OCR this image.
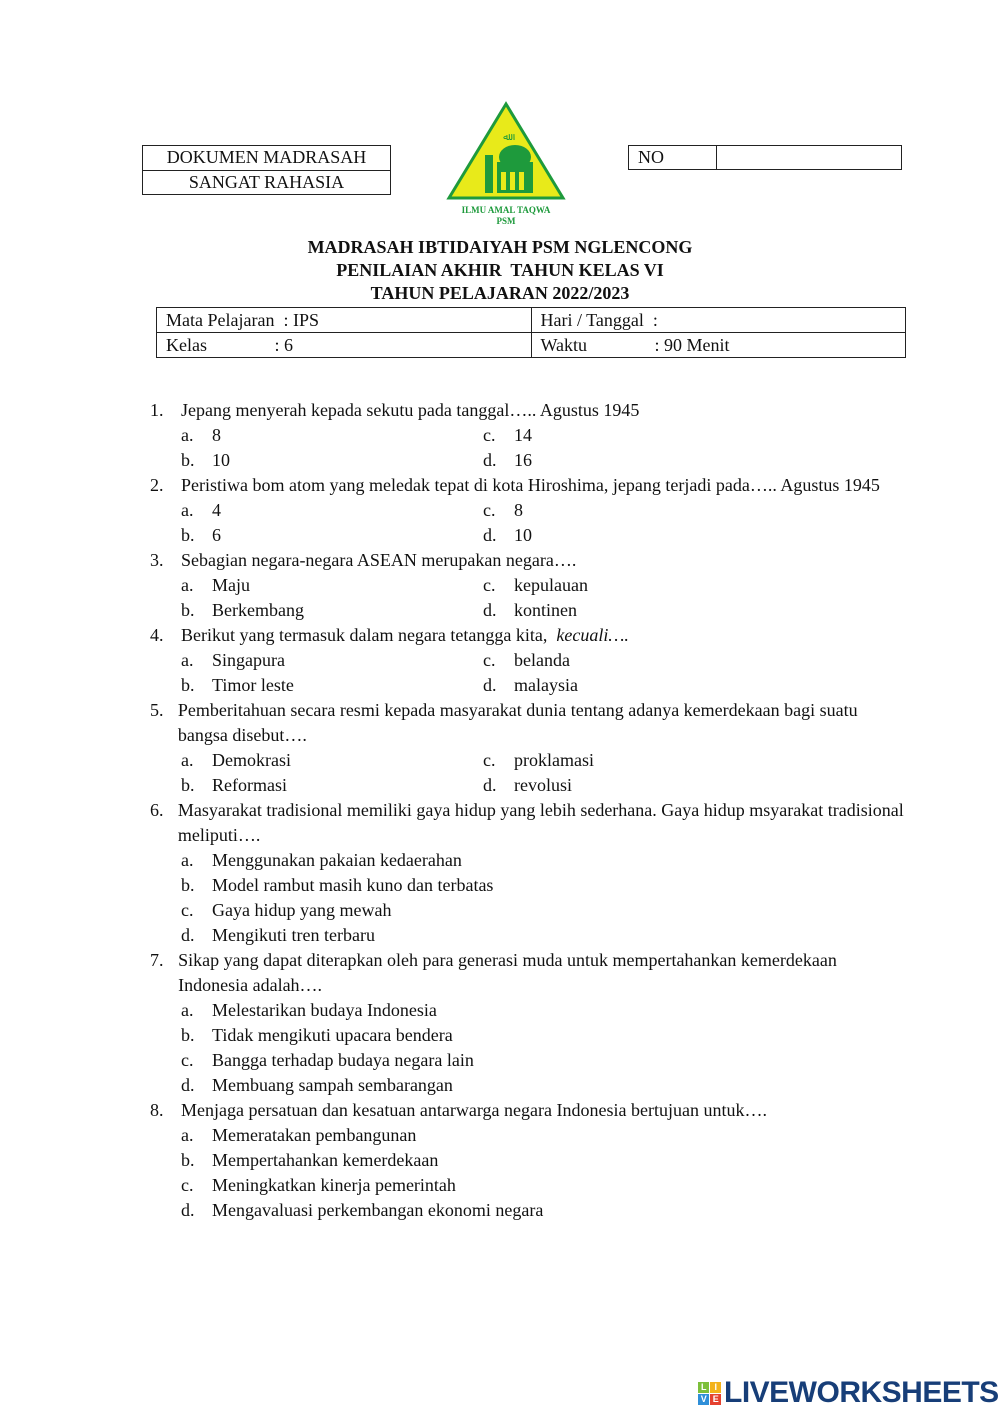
DOKUMEN MADRASAH
SANGAT RAHASIA
ﷲ
ILMU AMAL TAQWA
PSM
NO
MADRASAH IBTIDAIYAH PSM NGLENCONG
PENILAIAN AKHIR  TAHUN KELAS VI
TAHUN PELAJARAN 2022/2023
Mata Pelajaran  : IPS	Hari / Tanggal  :
Kelas               : 6	Waktu               : 90 Menit
1. Jepang menyerah kepada sekutu pada tanggal….. Agustus 1945
a.	8	c.	14
b. 10	d. 16
2. Peristiwa bom atom yang meledak tepat di kota Hiroshima, jepang terjadi pada….. Agustus 1945
a.	4	c.	8
b. 6	d. 10
3. Sebagian negara-negara ASEAN merupakan negara….
a.	Maju	c.	kepulauan
b. Berkembang	d. kontinen
4. Berikut yang termasuk dalam negara tetangga kita, kecuali….
a.	Singapura	c.	belanda
b. Timor leste	d. malaysia
5. Pemberitahuan secara resmi kepada masyarakat dunia tentang adanya kemerdekaan bagi suatu bangsa disebut….
a.	Demokrasi	c.	proklamasi
b. Reformasi	d. revolusi
6. Masyarakat tradisional memiliki gaya hidup yang lebih sederhana. Gaya hidup msyarakat tradisional meliputi….
a.	Menggunakan pakaian kedaerahan
b. Model rambut masih kuno dan terbatas
c.	Gaya hidup yang mewah
d. Mengikuti tren terbaru
7. Sikap yang dapat diterapkan oleh para generasi muda untuk mempertahankan kemerdekaan Indonesia adalah….
a.	Melestarikan budaya Indonesia
b. Tidak mengikuti upacara bendera
c.	Bangga terhadap budaya negara lain
d. Membuang sampah sembarangan
8. Menjaga persatuan dan kesatuan antarwarga negara Indonesia bertujuan untuk….
a.	Memeratakan pembangunan
b. Mempertahankan kemerdekaan
c.	Meningkatkan kinerja pemerintah
d. Mengavaluasi perkembangan ekonomi negara
L I
V E LIVEWORKSHEETS
